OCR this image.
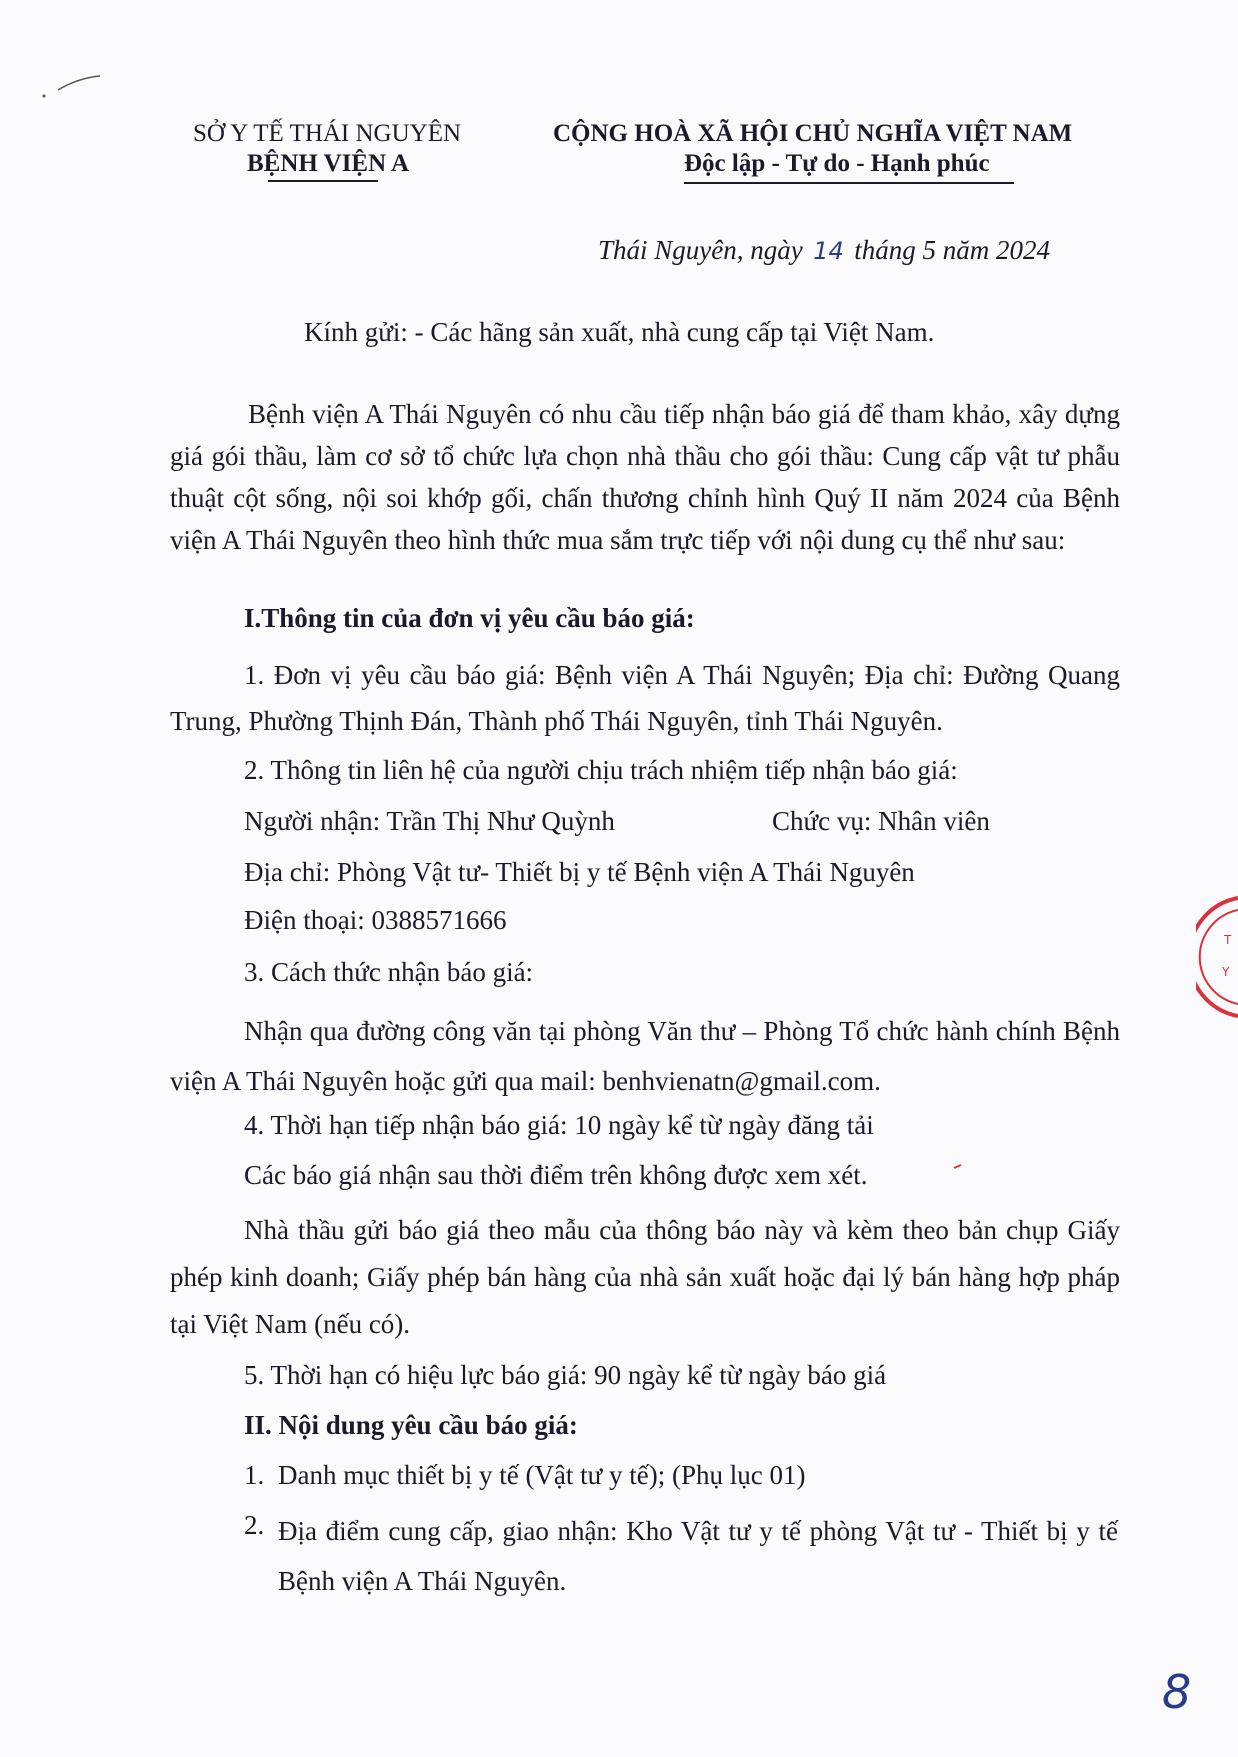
SỞ Y TẾ THÁI NGUYÊN
BỆNH VIỆN A
CỘNG HOÀ XÃ HỘI CHỦ NGHĨA VIỆT NAM
Độc lập - Tự do - Hạnh phúc
Thái Nguyên, ngày 14 tháng 5 năm 2024
Kính gửi: - Các hãng sản xuất, nhà cung cấp tại Việt Nam.
Bệnh viện A Thái Nguyên có nhu cầu tiếp nhận báo giá để tham khảo, xây dựng giá gói thầu, làm cơ sở tổ chức lựa chọn nhà thầu cho gói thầu: Cung cấp vật tư phẫu thuật cột sống, nội soi khớp gối, chấn thương chỉnh hình Quý II năm 2024 của Bệnh viện A Thái Nguyên theo hình thức mua sắm trực tiếp với nội dung cụ thể như sau:
I.Thông tin của đơn vị yêu cầu báo giá:
1. Đơn vị yêu cầu báo giá: Bệnh viện A Thái Nguyên; Địa chỉ: Đường Quang Trung, Phường Thịnh Đán, Thành phố Thái Nguyên, tỉnh Thái Nguyên.
2. Thông tin liên hệ của người chịu trách nhiệm tiếp nhận báo giá:
Người nhận: Trần Thị Như Quỳnh	Chức vụ: Nhân viên
Địa chỉ: Phòng Vật tư- Thiết bị y tế Bệnh viện A Thái Nguyên
Điện thoại: 0388571666
3. Cách thức nhận báo giá:
Nhận qua đường công văn tại phòng Văn thư – Phòng Tổ chức hành chính Bệnh viện A Thái Nguyên hoặc gửi qua mail: benhvienatn@gmail.com.
4. Thời hạn tiếp nhận báo giá: 10 ngày kể từ ngày đăng tải
Các báo giá nhận sau thời điểm trên không được xem xét.
Nhà thầu gửi báo giá theo mẫu của thông báo này và kèm theo bản chụp Giấy phép kinh doanh; Giấy phép bán hàng của nhà sản xuất hoặc đại lý bán hàng hợp pháp tại Việt Nam (nếu có).
5. Thời hạn có hiệu lực báo giá: 90 ngày kể từ ngày báo giá
II. Nội dung yêu cầu báo giá:
1. Danh mục thiết bị y tế (Vật tư y tế); (Phụ lục 01)
2. Địa điểm cung cấp, giao nhận: Kho Vật tư y tế phòng Vật tư - Thiết bị y tế Bệnh viện A Thái Nguyên.
T
Y
8
